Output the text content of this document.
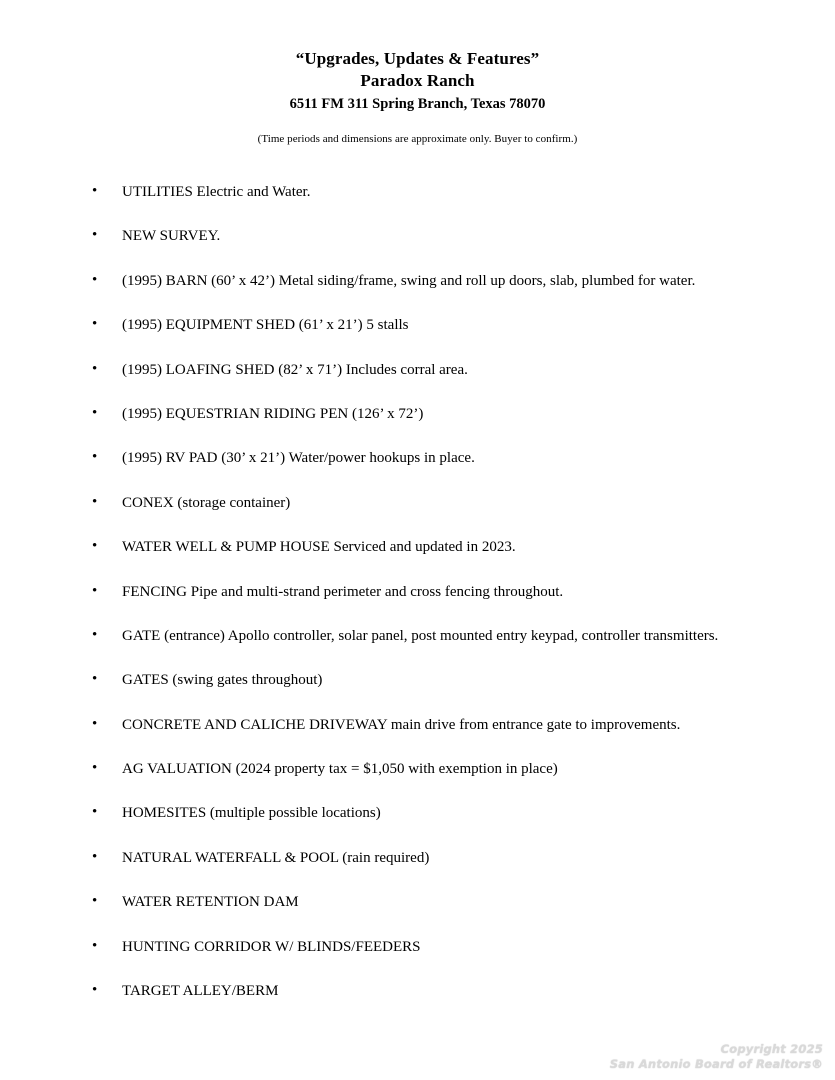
“Upgrades, Updates & Features”
Paradox Ranch
6511 FM 311 Spring Branch, Texas 78070
(Time periods and dimensions are approximate only. Buyer to confirm.)
• UTILITIES Electric and Water.
• NEW SURVEY.
• (1995) BARN (60’ x 42’) Metal siding/frame, swing and roll up doors, slab, plumbed for water.
• (1995) EQUIPMENT SHED (61’ x 21’) 5 stalls
• (1995) LOAFING SHED (82’ x 71’) Includes corral area.
• (1995) EQUESTRIAN RIDING PEN (126’ x 72’)
• (1995) RV PAD (30’ x 21’) Water/power hookups in place.
• CONEX (storage container)
• WATER WELL & PUMP HOUSE Serviced and updated in 2023.
• FENCING Pipe and multi-strand perimeter and cross fencing throughout.
• GATE (entrance) Apollo controller, solar panel, post mounted entry keypad, controller transmitters.
• GATES (swing gates throughout)
• CONCRETE AND CALICHE DRIVEWAY main drive from entrance gate to improvements.
• AG VALUATION (2024 property tax = $1,050 with exemption in place)
• HOMESITES (multiple possible locations)
• NATURAL WATERFALL & POOL (rain required)
• WATER RETENTION DAM
• HUNTING CORRIDOR W/ BLINDS/FEEDERS
• TARGET ALLEY/BERM
Copyright 2025
San Antonio Board of Realtors®
